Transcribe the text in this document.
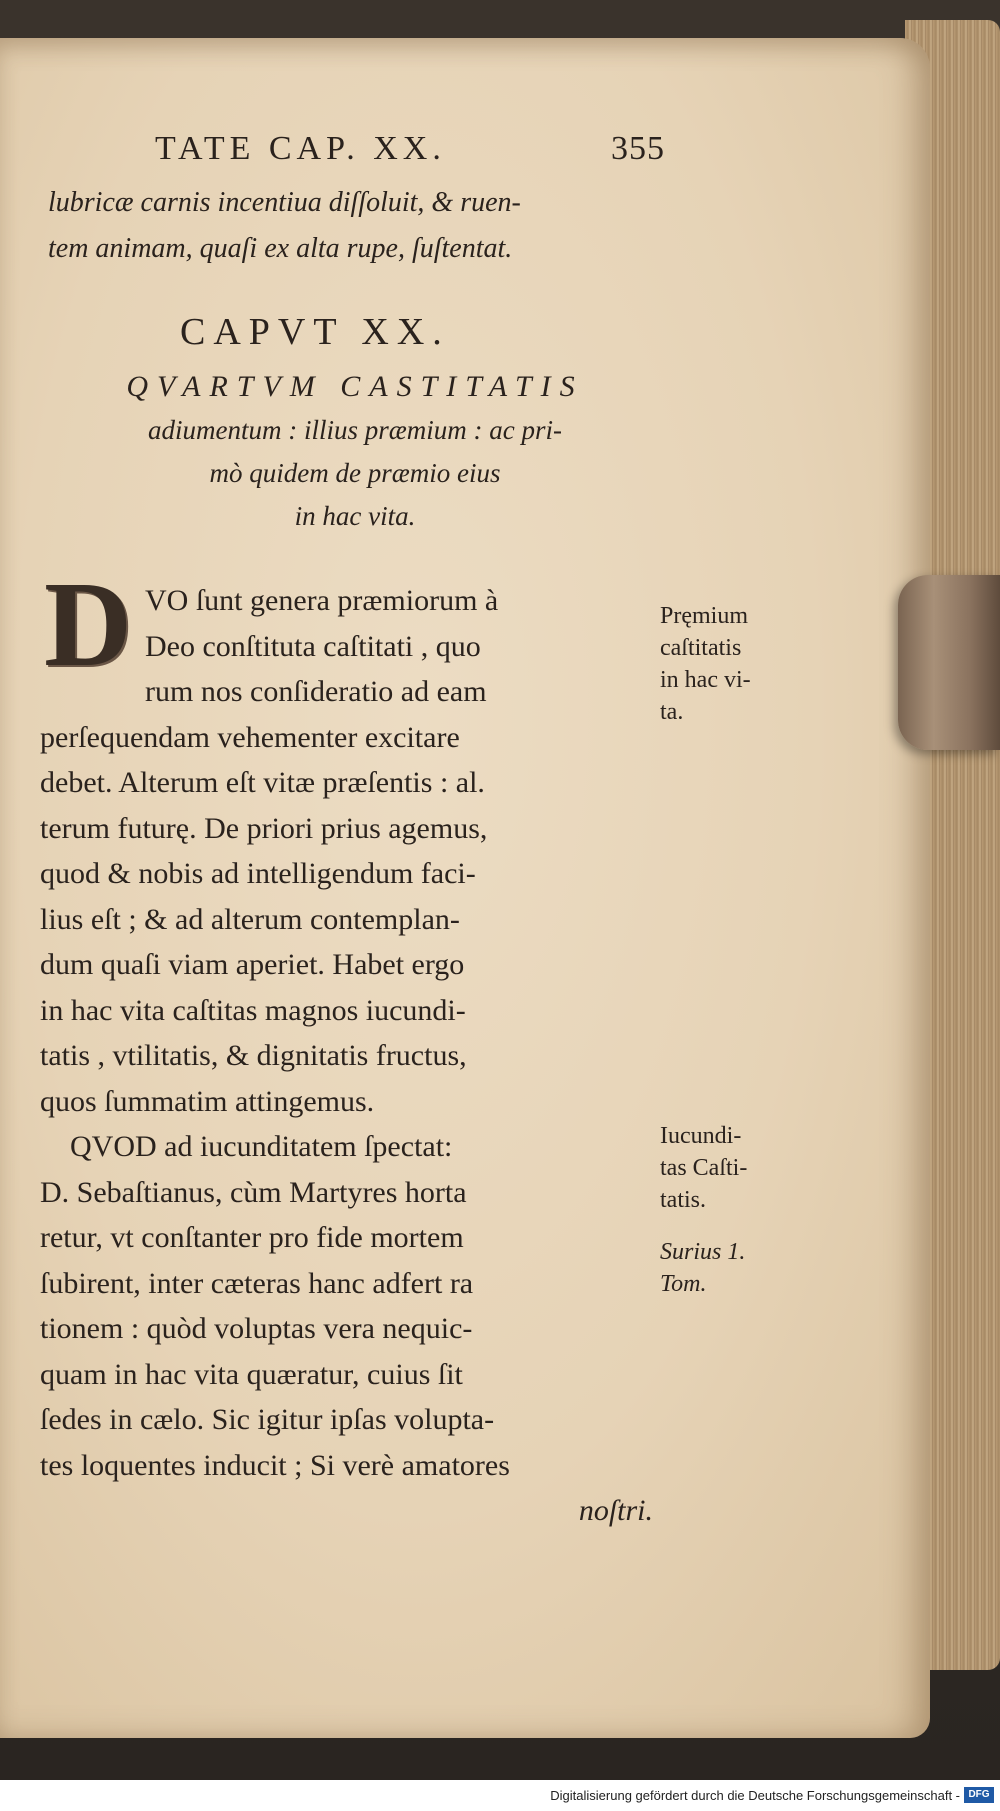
TATE CAP. XX.	355
lubricæ carnis incentiua diſſoluit, & ruen-
tem animam, quaſi ex alta rupe, ſuſtentat.
CAPVT XX.
QVARTVM CASTITATIS
adiumentum : illius præmium : ac pri-
mò quidem de præmio eius
in hac vita.
D VO ſunt genera præmiorum à
Deo conſtituta caſtitati , quo
rum nos conſideratio ad eam
perſequendam vehementer excitare
debet. Alterum eſt vitæ præſentis : al.
terum futurę. De priori prius agemus,
quod & nobis ad intelligendum faci-
lius eſt ; & ad alterum contemplan-
dum quaſi viam aperiet. Habet ergo
in hac vita caſtitas magnos iucundi-
tatis , vtilitatis, & dignitatis fructus,
quos ſummatim attingemus.
QVOD ad iucunditatem ſpectat:
D. Sebaſtianus, cùm Martyres horta
retur, vt conſtanter pro fide mortem
ſubirent, inter cæteras hanc adfert ra
tionem : quòd voluptas vera nequic-
quam in hac vita quæratur, cuius ſit
ſedes in cælo. Sic igitur ipſas volupta-
tes loquentes inducit ; Si verè amatores
noſtri.
Pręmium
caſtitatis
in hac vi-
ta.
Iucundi-
tas Caſti-
tatis.
Surius 1.
Tom.
Digitalisierung gefördert durch die Deutsche Forschungsgemeinschaft - DFG
